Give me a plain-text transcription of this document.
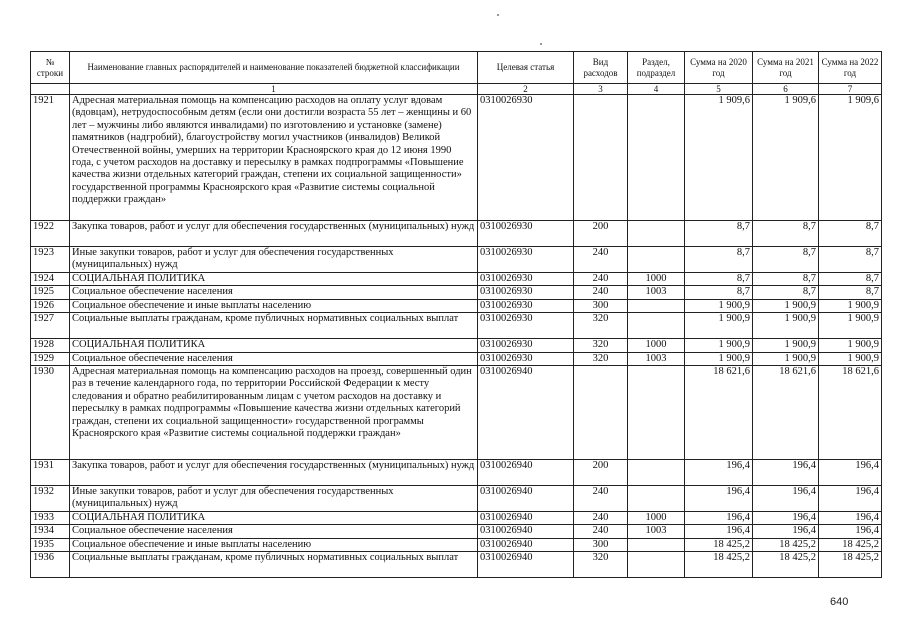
№ строки	Наименование главных распорядителей и наименование показателей бюджетной классификации	Целевая статья	Вид расходов	Раздел, подраздел	Сумма на 2020 год	Сумма на 2021 год	Сумма на 2022 год
	1	2	3	4	5	6	7
1921	Адресная материальная помощь на компенсацию расходов на оплату услуг вдовам (вдовцам), нетрудоспособным детям (если они достигли возраста 55 лет – женщины и 60 лет – мужчины либо являются инвалидами) по изготовлению и установке (замене) памятников (надгробий), благоустройству могил участников (инвалидов) Великой Отечественной войны, умерших на территории Красноярского края до 12 июня 1990 года, с учетом расходов на доставку и пересылку в рамках подпрограммы «Повышение качества жизни отдельных категорий граждан, степени их социальной защищенности» государственной программы Красноярского края «Развитие системы социальной поддержки граждан»	0310026930			1 909,6	1 909,6	1 909,6
1922	Закупка товаров, работ и услуг для обеспечения государственных (муниципальных) нужд	0310026930	200		8,7	8,7	8,7
1923	Иные закупки товаров, работ и услуг для обеспечения государственных (муниципальных) нужд	0310026930	240		8,7	8,7	8,7
1924	СОЦИАЛЬНАЯ ПОЛИТИКА	0310026930	240	1000	8,7	8,7	8,7
1925	Социальное обеспечение населения	0310026930	240	1003	8,7	8,7	8,7
1926	Социальное обеспечение и иные выплаты населению	0310026930	300		1 900,9	1 900,9	1 900,9
1927	Социальные выплаты гражданам, кроме публичных нормативных социальных выплат	0310026930	320		1 900,9	1 900,9	1 900,9
1928	СОЦИАЛЬНАЯ ПОЛИТИКА	0310026930	320	1000	1 900,9	1 900,9	1 900,9
1929	Социальное обеспечение населения	0310026930	320	1003	1 900,9	1 900,9	1 900,9
1930	Адресная материальная помощь на компенсацию расходов на проезд, совершенный один раз в течение календарного года, по территории Российской Федерации к месту следования и обратно реабилитированным лицам с учетом расходов на доставку и пересылку в рамках подпрограммы «Повышение качества жизни отдельных категорий граждан, степени их социальной защищенности» государственной программы Красноярского края «Развитие системы социальной поддержки граждан»	0310026940			18 621,6	18 621,6	18 621,6
1931	Закупка товаров, работ и услуг для обеспечения государственных (муниципальных) нужд	0310026940	200		196,4	196,4	196,4
1932	Иные закупки товаров, работ и услуг для обеспечения государственных (муниципальных) нужд	0310026940	240		196,4	196,4	196,4
1933	СОЦИАЛЬНАЯ ПОЛИТИКА	0310026940	240	1000	196,4	196,4	196,4
1934	Социальное обеспечение населения	0310026940	240	1003	196,4	196,4	196,4
1935	Социальное обеспечение и иные выплаты населению	0310026940	300		18 425,2	18 425,2	18 425,2
1936	Социальные выплаты гражданам, кроме публичных нормативных социальных выплат	0310026940	320		18 425,2	18 425,2	18 425,2
640
